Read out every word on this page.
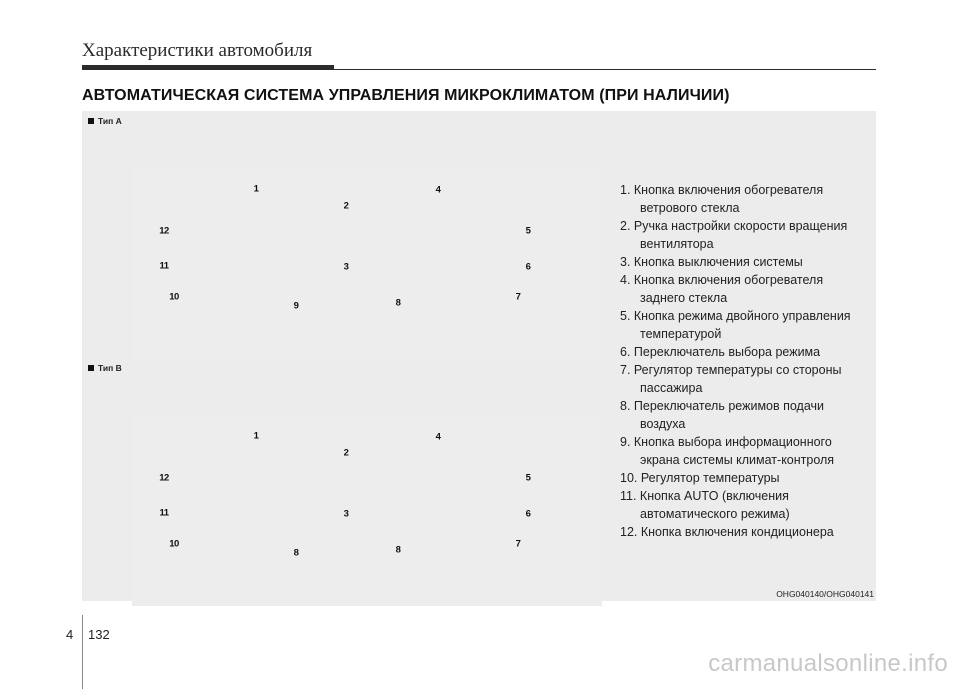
Характеристики автомобиля
АВТОМАТИЧЕСКАЯ СИСТЕМА УПРАВЛЕНИЯ МИКРОКЛИМАТОМ (ПРИ НАЛИЧИИ)
Тип А
1
2
4
12	5
11	3	6
10
9	8
7
Тип B
1	4
2
12	5
11	3	6
10
8	8
7
1. Кнопка включения обогревателя ветрового стекла
2. Ручка настройки скорости вращения вентилятора
3. Кнопка выключения системы
4. Кнопка включения обогревателя заднего стекла
5. Кнопка режима двойного управления температурой
6. Переключатель выбора режима
7. Регулятор температуры со стороны пассажира
8. Переключатель режимов подачи воздуха
9. Кнопка выбора информационного экрана системы климат-контроля
10. Регулятор температуры
11. Кнопка AUTO (включения автоматического режима)
12. Кнопка включения кондиционера
OHG040140/OHG040141
4 132
carmanualsonline.info
